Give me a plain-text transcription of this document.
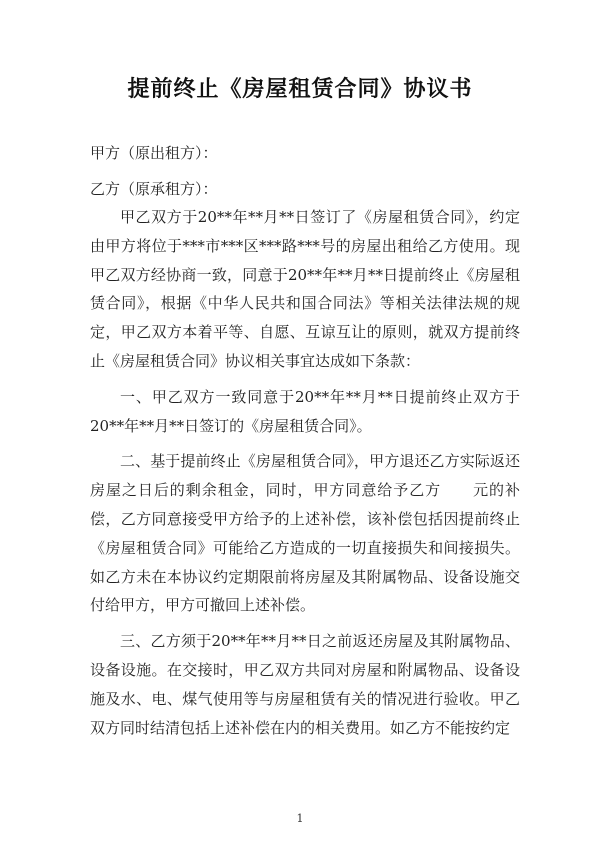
提前终止《房屋租赁合同》协议书
甲方（原出租方）：
乙方（原承租方）：

甲乙双方于20**年**月**日签订了《房屋租赁合同》，约定由甲方将位于***市***区***路***号的房屋出租给乙方使用。现甲乙双方经协商一致，同意于20**年**月**日提前终止《房屋租赁合同》，根据《中华人民共和国合同法》等相关法律法规的规定，甲乙双方本着平等、自愿、互谅互让的原则，就双方提前终止《房屋租赁合同》协议相关事宜达成如下条款：

一、甲乙双方一致同意于20**年**月**日提前终止双方于20**年**月**日签订的《房屋租赁合同》。

二、基于提前终止《房屋租赁合同》，甲方退还乙方实际返还房屋之日后的剩余租金，同时，甲方同意给予乙方　　元的补偿，乙方同意接受甲方给予的上述补偿，该补偿包括因提前终止《房屋租赁合同》可能给乙方造成的一切直接损失和间接损失。如乙方未在本协议约定期限前将房屋及其附属物品、设备设施交付给甲方，甲方可撤回上述补偿。

三、乙方须于20**年**月**日之前返还房屋及其附属物品、设备设施。在交接时，甲乙双方共同对房屋和附属物品、设备设施及水、电、煤气使用等与房屋租赁有关的情况进行验收。甲乙双方同时结清包括上述补偿在内的相关费用。如乙方不能按约定

1
